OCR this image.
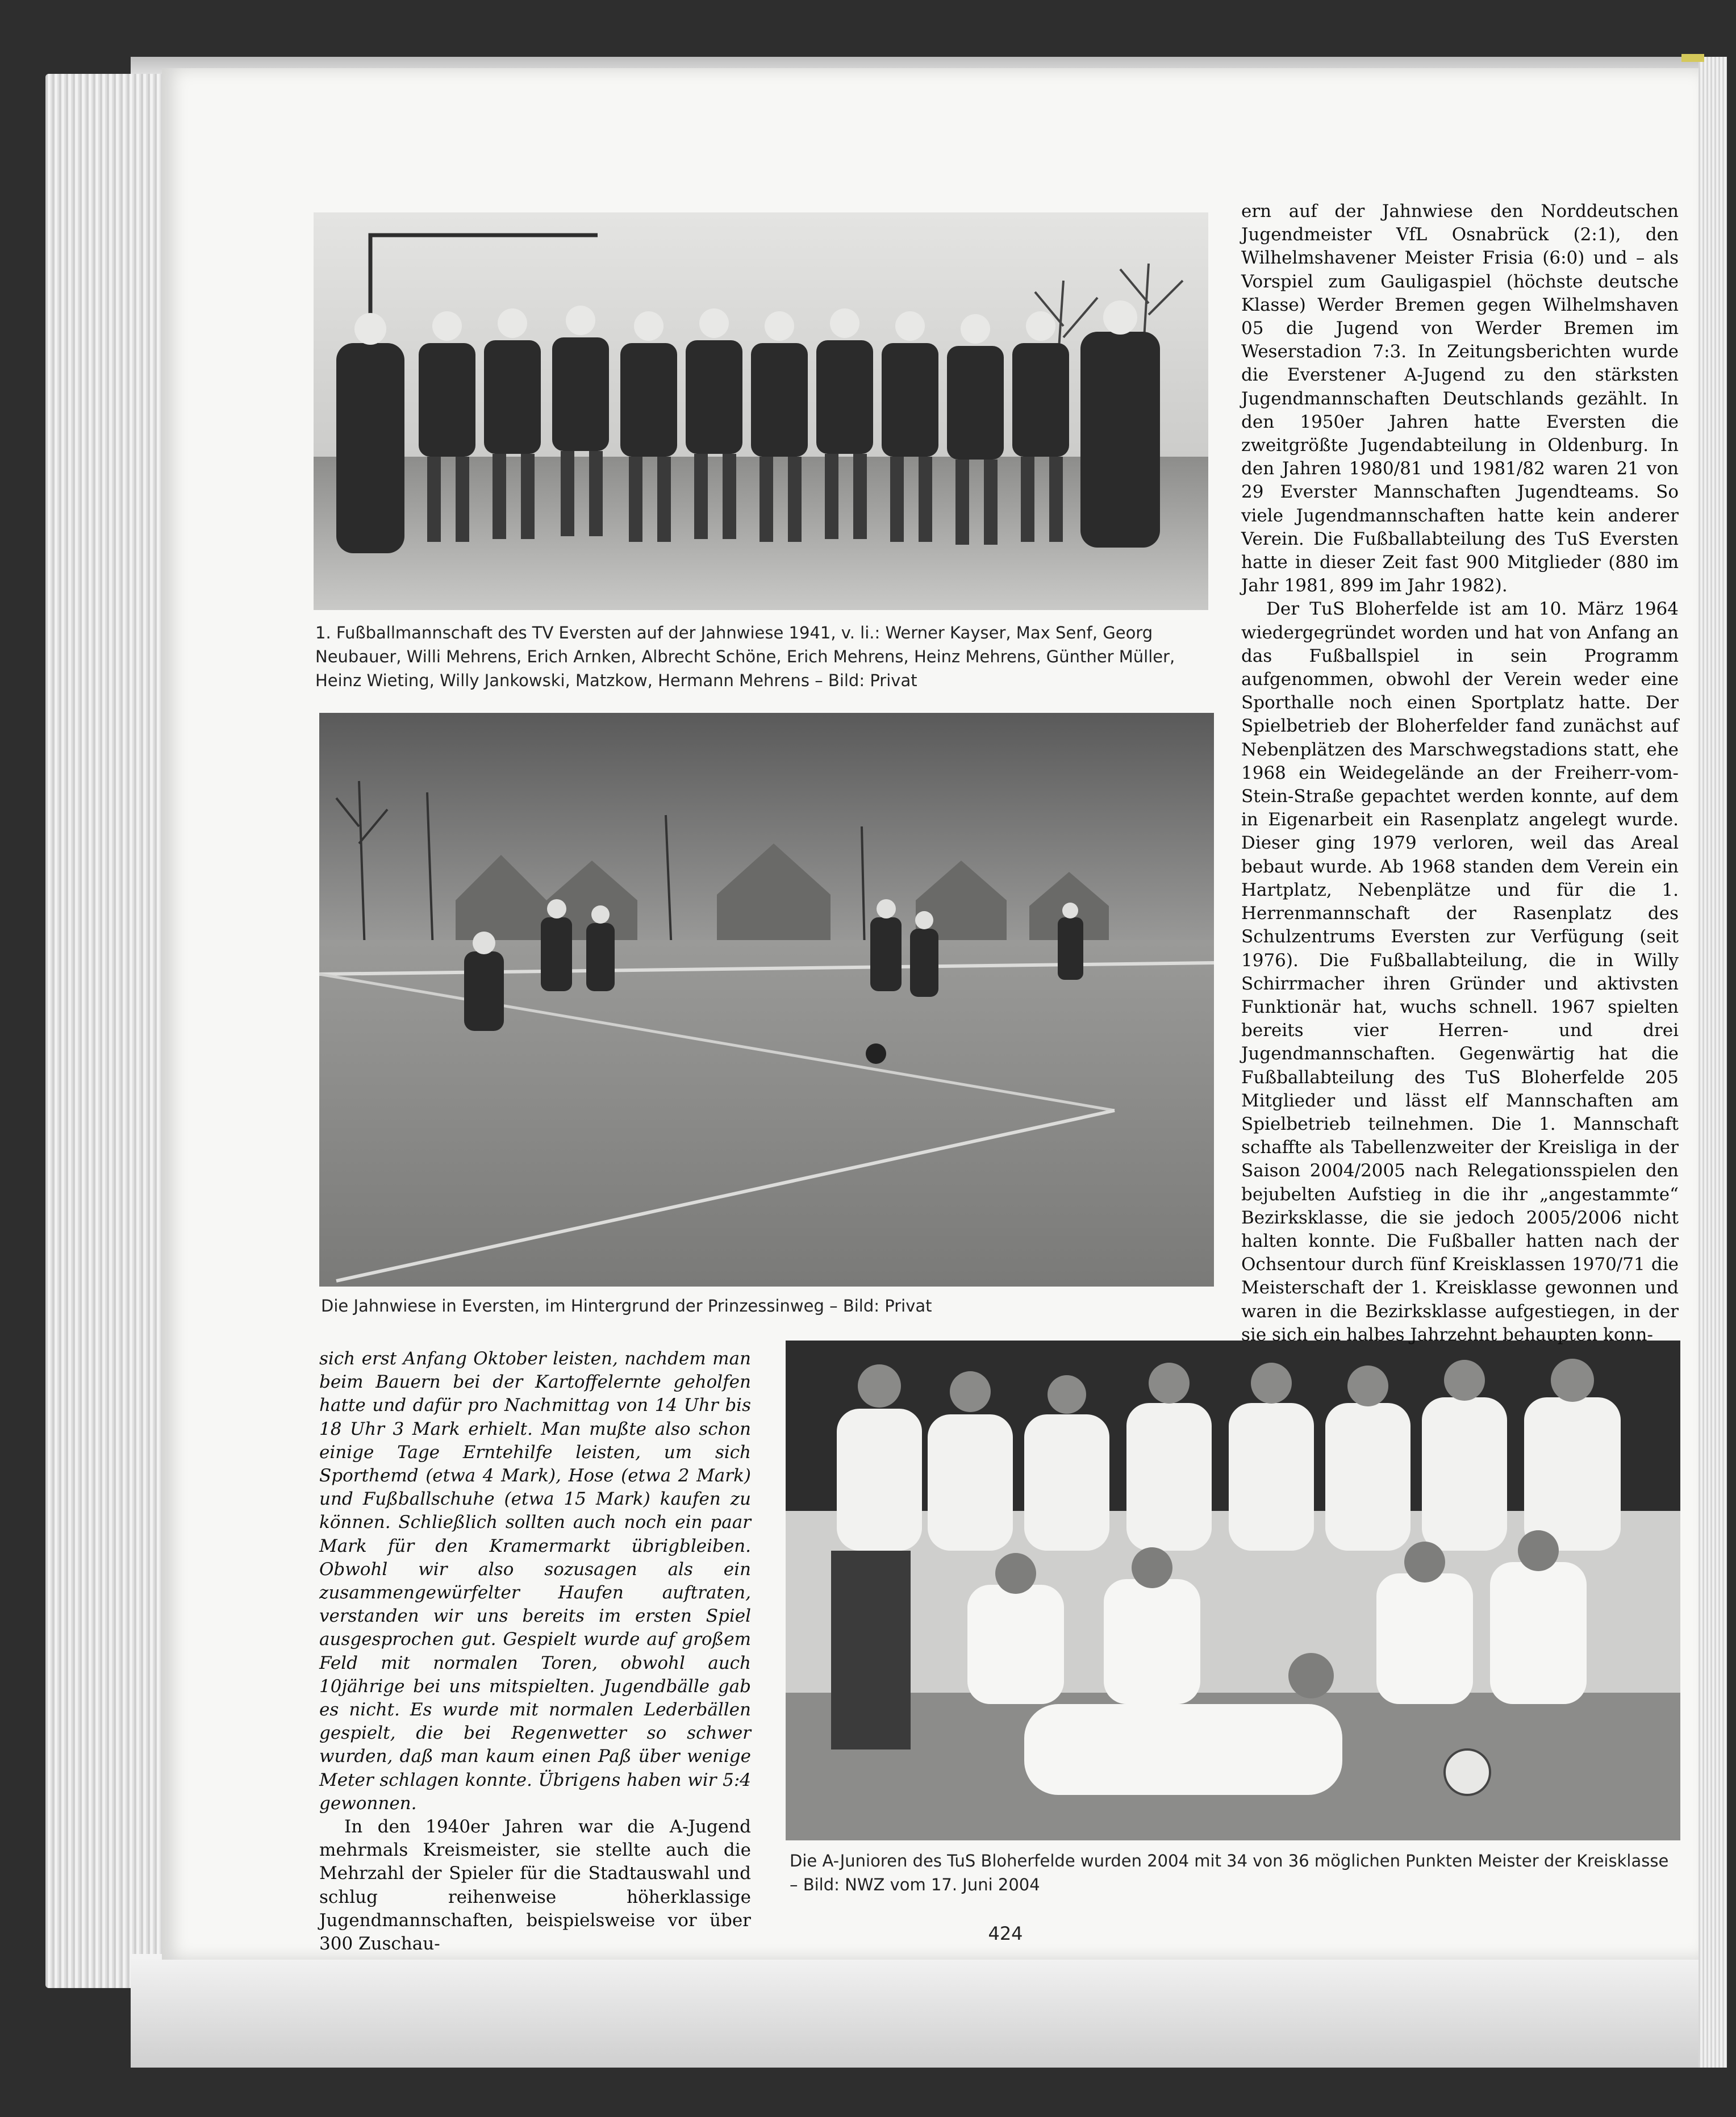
1. Fußballmannschaft des TV Eversten auf der Jahnwiese 1941, v. li.: Werner Kayser, Max Senf, Georg Neubauer, Willi Mehrens, Erich Arnken, Albrecht Schöne, Erich Mehrens, Heinz Mehrens, Günther Müller, Heinz Wieting, Willy Jankowski, Matzkow, Hermann Mehrens – Bild: Privat

Die Jahnwiese in Eversten, im Hintergrund der Prinzessinweg – Bild: Privat

Die A-Junioren des TuS Bloherfelde wurden 2004 mit 34 von 36 möglichen Punkten Meister der Kreisklasse – Bild: NWZ vom 17. Juni 2004

ern auf der Jahnwiese den Norddeutschen Jugendmeister VfL Osnabrück (2:1), den Wilhelmshavener Meister Frisia (6:0) und – als Vorspiel zum Gauligaspiel (höchste deutsche Klasse) Werder Bremen gegen Wilhelmshaven 05 die Jugend von Werder Bremen im Weserstadion 7:3. In Zeitungsberichten wurde die Everstener A-Jugend zu den stärksten Jugendmannschaften Deutschlands gezählt. In den 1950er Jahren hatte Eversten die zweitgrößte Jugendabteilung in Oldenburg. In den Jahren 1980/81 und 1981/82 waren 21 von 29 Everster Mannschaften Jugendteams. So viele Jugendmannschaften hatte kein anderer Verein. Die Fußballabteilung des TuS Eversten hatte in dieser Zeit fast 900 Mitglieder (880 im Jahr 1981, 899 im Jahr 1982).

Der TuS Bloherfelde ist am 10. März 1964 wiedergegründet worden und hat von Anfang an das Fußballspiel in sein Programm aufgenommen, obwohl der Verein weder eine Sporthalle noch einen Sportplatz hatte. Der Spielbetrieb der Bloherfelder fand zunächst auf Nebenplätzen des Marschwegstadions statt, ehe 1968 ein Weidegelände an der Freiherr-vom-Stein-Straße gepachtet werden konnte, auf dem in Eigenarbeit ein Rasenplatz angelegt wurde. Dieser ging 1979 verloren, weil das Areal bebaut wurde. Ab 1968 standen dem Verein ein Hartplatz, Nebenplätze und für die 1. Herrenmannschaft der Rasenplatz des Schulzentrums Eversten zur Verfügung (seit 1976). Die Fußballabteilung, die in Willy Schirrmacher ihren Gründer und aktivsten Funktionär hat, wuchs schnell. 1967 spielten bereits vier Herren- und drei Jugendmannschaften. Gegenwärtig hat die Fußballabteilung des TuS Bloherfelde 205 Mitglieder und lässt elf Mannschaften am Spielbetrieb teilnehmen. Die 1. Mannschaft schaffte als Tabellenzweiter der Kreisliga in der Saison 2004/2005 nach Relegationsspielen den bejubelten Aufstieg in die ihr „angestammte“ Bezirksklasse, die sie jedoch 2005/2006 nicht halten konnte. Die Fußballer hatten nach der Ochsentour durch fünf Kreisklassen 1970/71 die Meisterschaft der 1. Kreisklasse gewonnen und waren in die Bezirksklasse aufgestiegen, in der sie sich ein halbes Jahrzehnt behaupten konn-

sich erst Anfang Oktober leisten, nachdem man beim Bauern bei der Kartoffelernte geholfen hatte und dafür pro Nachmittag von 14 Uhr bis 18 Uhr 3 Mark erhielt. Man mußte also schon einige Tage Erntehilfe leisten, um sich Sporthemd (etwa 4 Mark), Hose (etwa 2 Mark) und Fußballschuhe (etwa 15 Mark) kaufen zu können. Schließlich sollten auch noch ein paar Mark für den Kramermarkt übrigbleiben. Obwohl wir also sozusagen als ein zusammengewürfelter Haufen auftraten, verstanden wir uns bereits im ersten Spiel ausgesprochen gut. Gespielt wurde auf großem Feld mit normalen Toren, obwohl auch 10jährige bei uns mitspielten. Jugendbälle gab es nicht. Es wurde mit normalen Lederbällen gespielt, die bei Regenwetter so schwer wurden, daß man kaum einen Paß über wenige Meter schlagen konnte. Übrigens haben wir 5:4 gewonnen.

In den 1940er Jahren war die A-Jugend mehrmals Kreismeister, sie stellte auch die Mehrzahl der Spieler für die Stadtauswahl und schlug reihenweise höherklassige Jugendmannschaften, beispielsweise vor über 300 Zuschau-	424
